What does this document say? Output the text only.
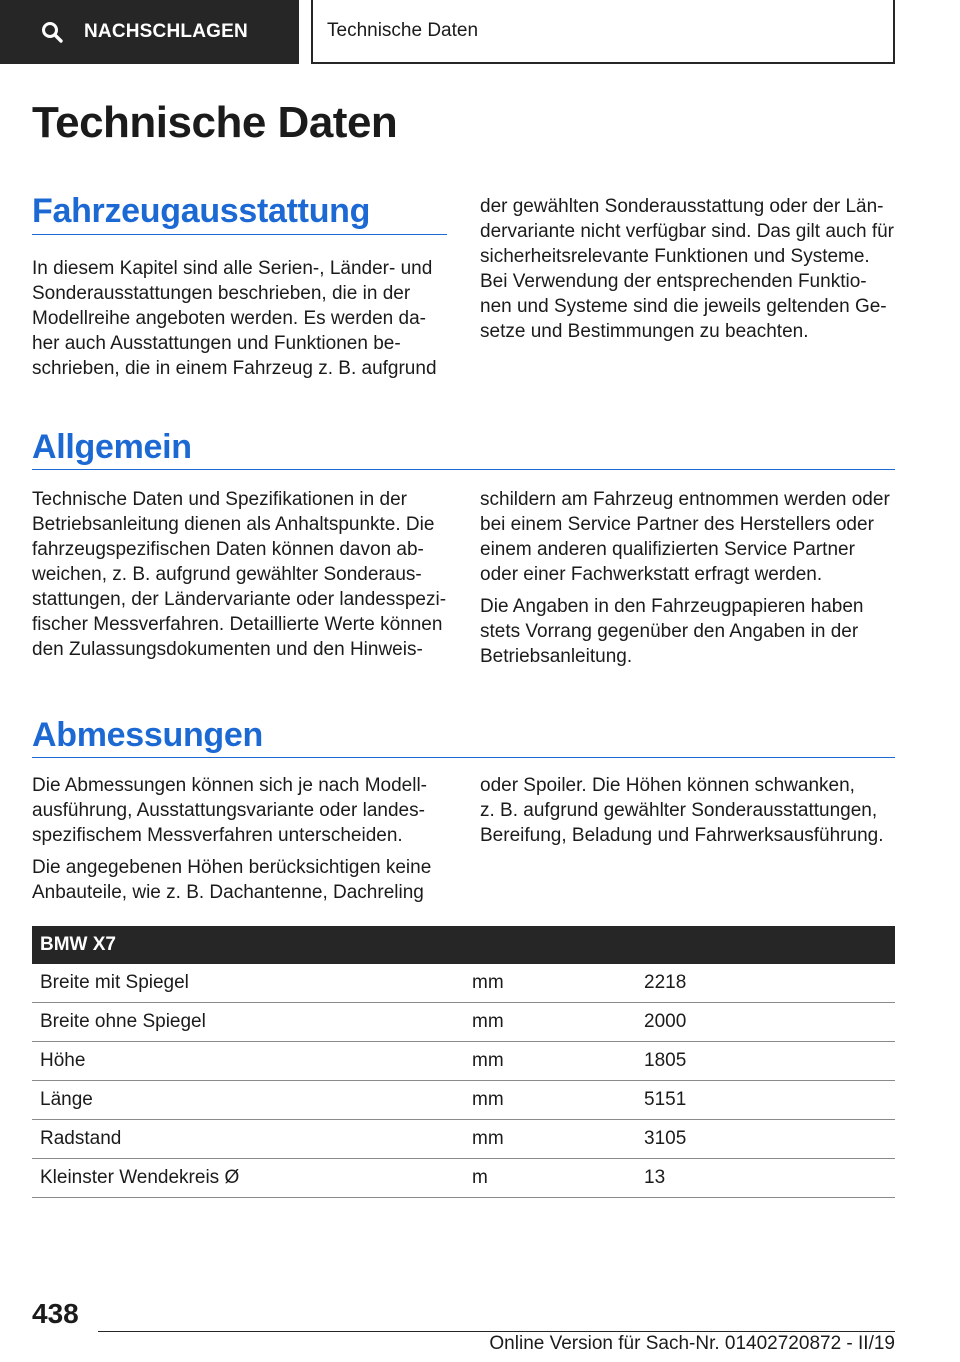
NACHSCHLAGEN	Technische Daten
Technische Daten
Fahrzeugausstattung

In diesem Kapitel sind alle Serien-, Länder- und
Sonderausstattungen beschrieben, die in der
Modellreihe angeboten werden. Es werden da-
her auch Ausstattungen und Funktionen be-
schrieben, die in einem Fahrzeug z. B. aufgrund

der gewählten Sonderausstattung oder der Län-
dervariante nicht verfügbar sind. Das gilt auch für
sicherheitsrelevante Funktionen und Systeme.
Bei Verwendung der entsprechenden Funktio-
nen und Systeme sind die jeweils geltenden Ge-
setze und Bestimmungen zu beachten.

Allgemein

Technische Daten und Spezifikationen in der
Betriebsanleitung dienen als Anhaltspunkte. Die
fahrzeugspezifischen Daten können davon ab-
weichen, z. B. aufgrund gewählter Sonderaus-
stattungen, der Ländervariante oder landesspezi-
fischer Messverfahren. Detaillierte Werte können
den Zulassungsdokumenten und den Hinweis-

schildern am Fahrzeug entnommen werden oder
bei einem Service Partner des Herstellers oder
einem anderen qualifizierten Service Partner
oder einer Fachwerkstatt erfragt werden.

Die Angaben in den Fahrzeugpapieren haben
stets Vorrang gegenüber den Angaben in der
Betriebsanleitung.

Abmessungen

Die Abmessungen können sich je nach Modell-
ausführung, Ausstattungsvariante oder landes-
spezifischem Messverfahren unterscheiden.

Die angegebenen Höhen berücksichtigen keine
Anbauteile, wie z. B. Dachantenne, Dachreling

oder Spoiler. Die Höhen können schwanken,
z. B. aufgrund gewählter Sonderausstattungen,
Bereifung, Beladung und Fahrwerksausführung.

BMW X7		
Breite mit Spiegel	mm	2218
Breite ohne Spiegel	mm	2000
Höhe	mm	1805
Länge	mm	5151
Radstand	mm	3105
Kleinster Wendekreis Ø	m	13
438
Online Version für Sach-Nr. 01402720872 - II/19
